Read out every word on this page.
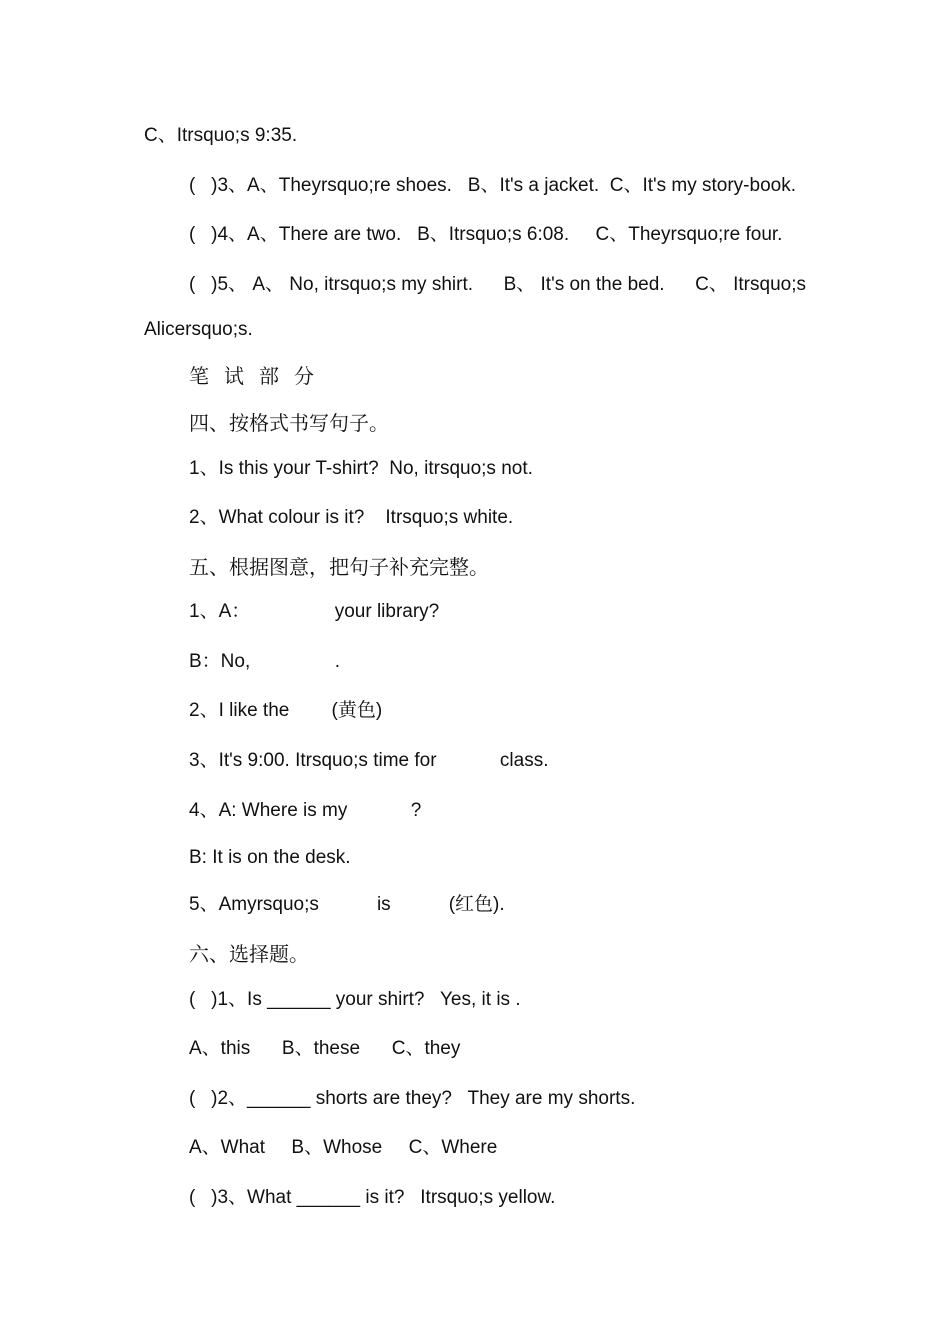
C、Itrsquo;s 9:35.
(   )3、A、Theyrsquo;re shoes.   B、It's a jacket.  C、It's my story-book.
(   )4、A、There are two.   B、Itrsquo;s 6:08.     C、Theyrsquo;re four.
(   )5、 A、 No, itrsquo;s my shirt. B、 It's on the bed. C、 Itrsquo;s
Alicersquo;s.
笔试部分
四、按格式书写句子。
1、Is this your T-shirt?  No, itrsquo;s not.
2、What colour is it?    Itrsquo;s white.
五、根据图意，把句子补充完整。
1、A：                your library?
B：No,                .
2、I like the        (黄色)
3、It's 9:00. Itrsquo;s time for            class.
4、A: Where is my            ?
B: It is on the desk.
5、Amyrsquo;s           is           (红色).
六、选择题。
(   )1、Is ______ your shirt?   Yes, it is .
A、this      B、these      C、they
(   )2、______ shorts are they?   They are my shorts.
A、What     B、Whose     C、Where
(   )3、What ______ is it?   Itrsquo;s yellow.
